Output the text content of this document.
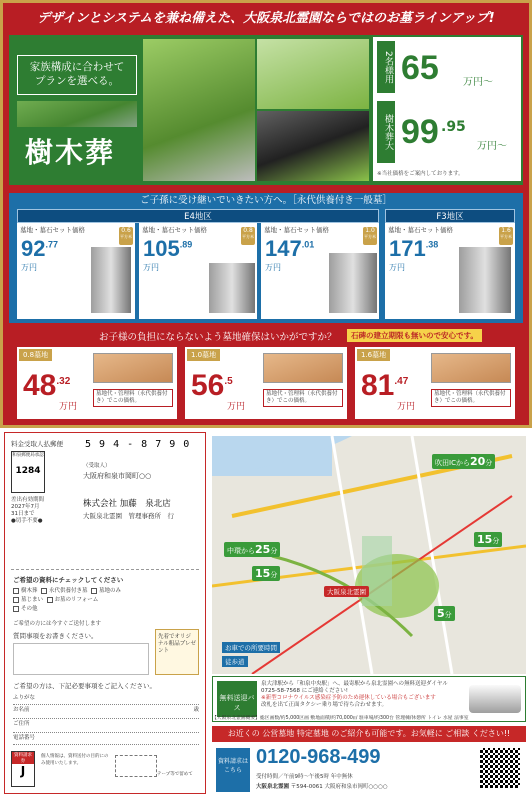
デザインとシステムを兼ね備えた、大阪泉北霊園ならではのお墓ラインアップ!
家族構成に合わせて
プランを選べる。
樹木葬
2名様用 65 万円〜
樹木葬大 99 .95
万円〜
※当社価格をご案内しております。
ご子孫に受け継いでいきたい方へ。［永代供養付き一般墓］
E4地区	F3地区
墓地・墓石セット価格
$92^{.77}$
万円
0.6
平方米
墓地・墓石セット価格
$105^{.89}$
万円
0.8
平方米
墓地・墓石セット価格
$147^{.01}$
万円
1.0
平方米
墓地・墓石セット価格
$171^{.38}$
万円
1.6
平方米
お子様の負担にならないよう墓地確保はいかがですか？	石碑の建立期限も無いので安心です。
0.8墓地
$48^{.32}$
万円
墓地代・管理料（永代供養付き）でこの価格。
1.0墓地
$56^{.5}$
万円
墓地代・管理料（永代供養付き）でこの価格。
1.6墓地
$81^{.47}$
万円
墓地代・管理料（永代供養付き）でこの価格。
料金受取人払郵便 5 9 4 - 8 7 9 0
和泉郵便局承認
1284
差出有効期間
2027年7月
31日まで
●切手不要●
（受取人）
大阪府和泉市岡町○○
株式会社 加藤　泉北店
大阪泉北霊園　管理事務所　行
ご希望の資料にチェックしてください
樹木葬 永代供養付き墓 墓地のみ
墓じまい お墓のリフォーム
その他
ご希望の方には今すぐご送付します
質問事項をお書きください。	先着でオリジナル粗品プレゼント
ご希望の方は、下記必要事項をご記入ください。
ふりがな
お名前	歳
ご住所
電話番号
資料請求券
J
個人情報は、資料送付の目的にのみ使用いたします。
テープ等で留めて
吹田ICから20分
中環から25分
15分
15分
5分
大阪泉北霊園
お車での所要時間
徒歩道
無料送迎バス
泉大津駅から「和泉中央駅」へ、最寄駅から泉北霊園への無料送迎ダイヤル 0725-58-7568 にご連絡ください!
※新型コロナウイルス感染症予防のため運休している場合もございます
改札を出て正面タクシー乗り場で待ち合わせます。
【大阪泉北霊園概要】総区画数/約5,000区画 敷地面積/約70,000㎡ 駐車場/約300台 管理棟/休憩所 トイレ 水屋 法事室
お近くの 公営墓地 特定墓地 のご紹介も可能です。お気軽に ご相談 ください!!
資料請求はこちら
0120-968-499
受付時間／午前9時〜午後5時 年中無休
大阪泉北霊園 〒594-0061 大阪府和泉市岡町○○○○
